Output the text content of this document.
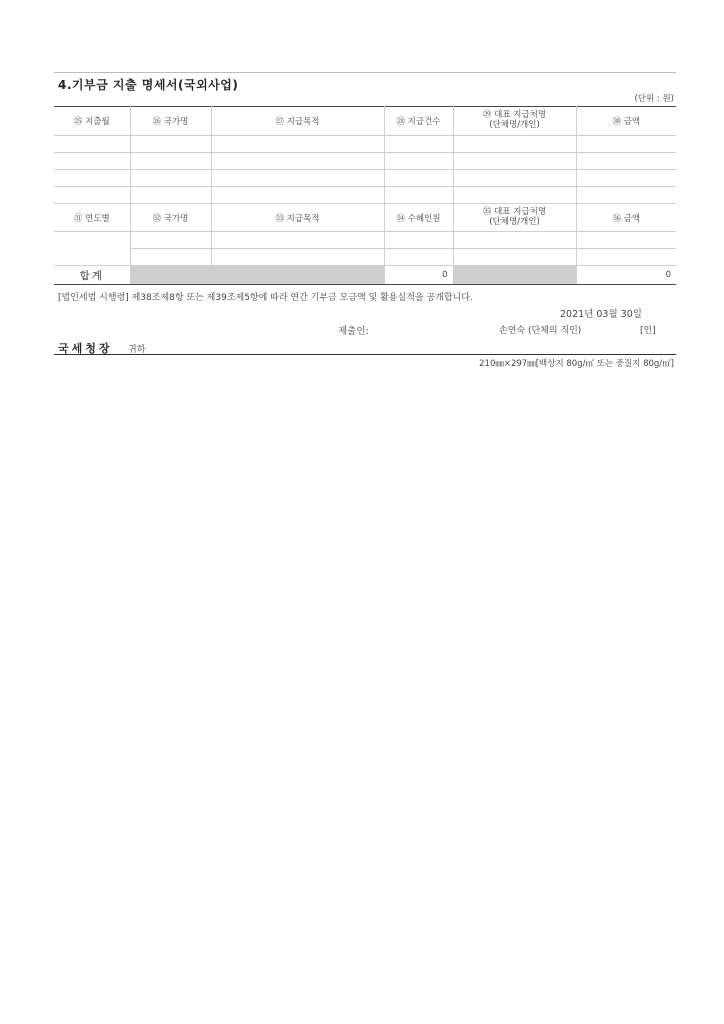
4.기부금 지출 명세서(국외사업)
(단위 : 원)
㉕ 지출월	㉖ 국가명	㉗ 지급목적	㉘ 지급건수	㉙ 대표 지급처명
(단체명/개인)	㉚ 금액

㉛ 연도별	㉜ 국가명	㉝ 지급목적	㉞ 수혜인원	㉟ 대표 지급처명
(단체명/개인)	㊱ 금액

합계			0		0
[법인세법 시행령] 제38조제8항 또는 제39조제5항에 따라 연간 기부금 모금액 및 활용실적을 공개합니다.
2021년 03월 30일
제출인:	손연숙 (단체의 직인)	[인]
국세청장 귀하
210㎜×297㎜[백상지 80g/㎡ 또는 중질지 80g/㎡]
